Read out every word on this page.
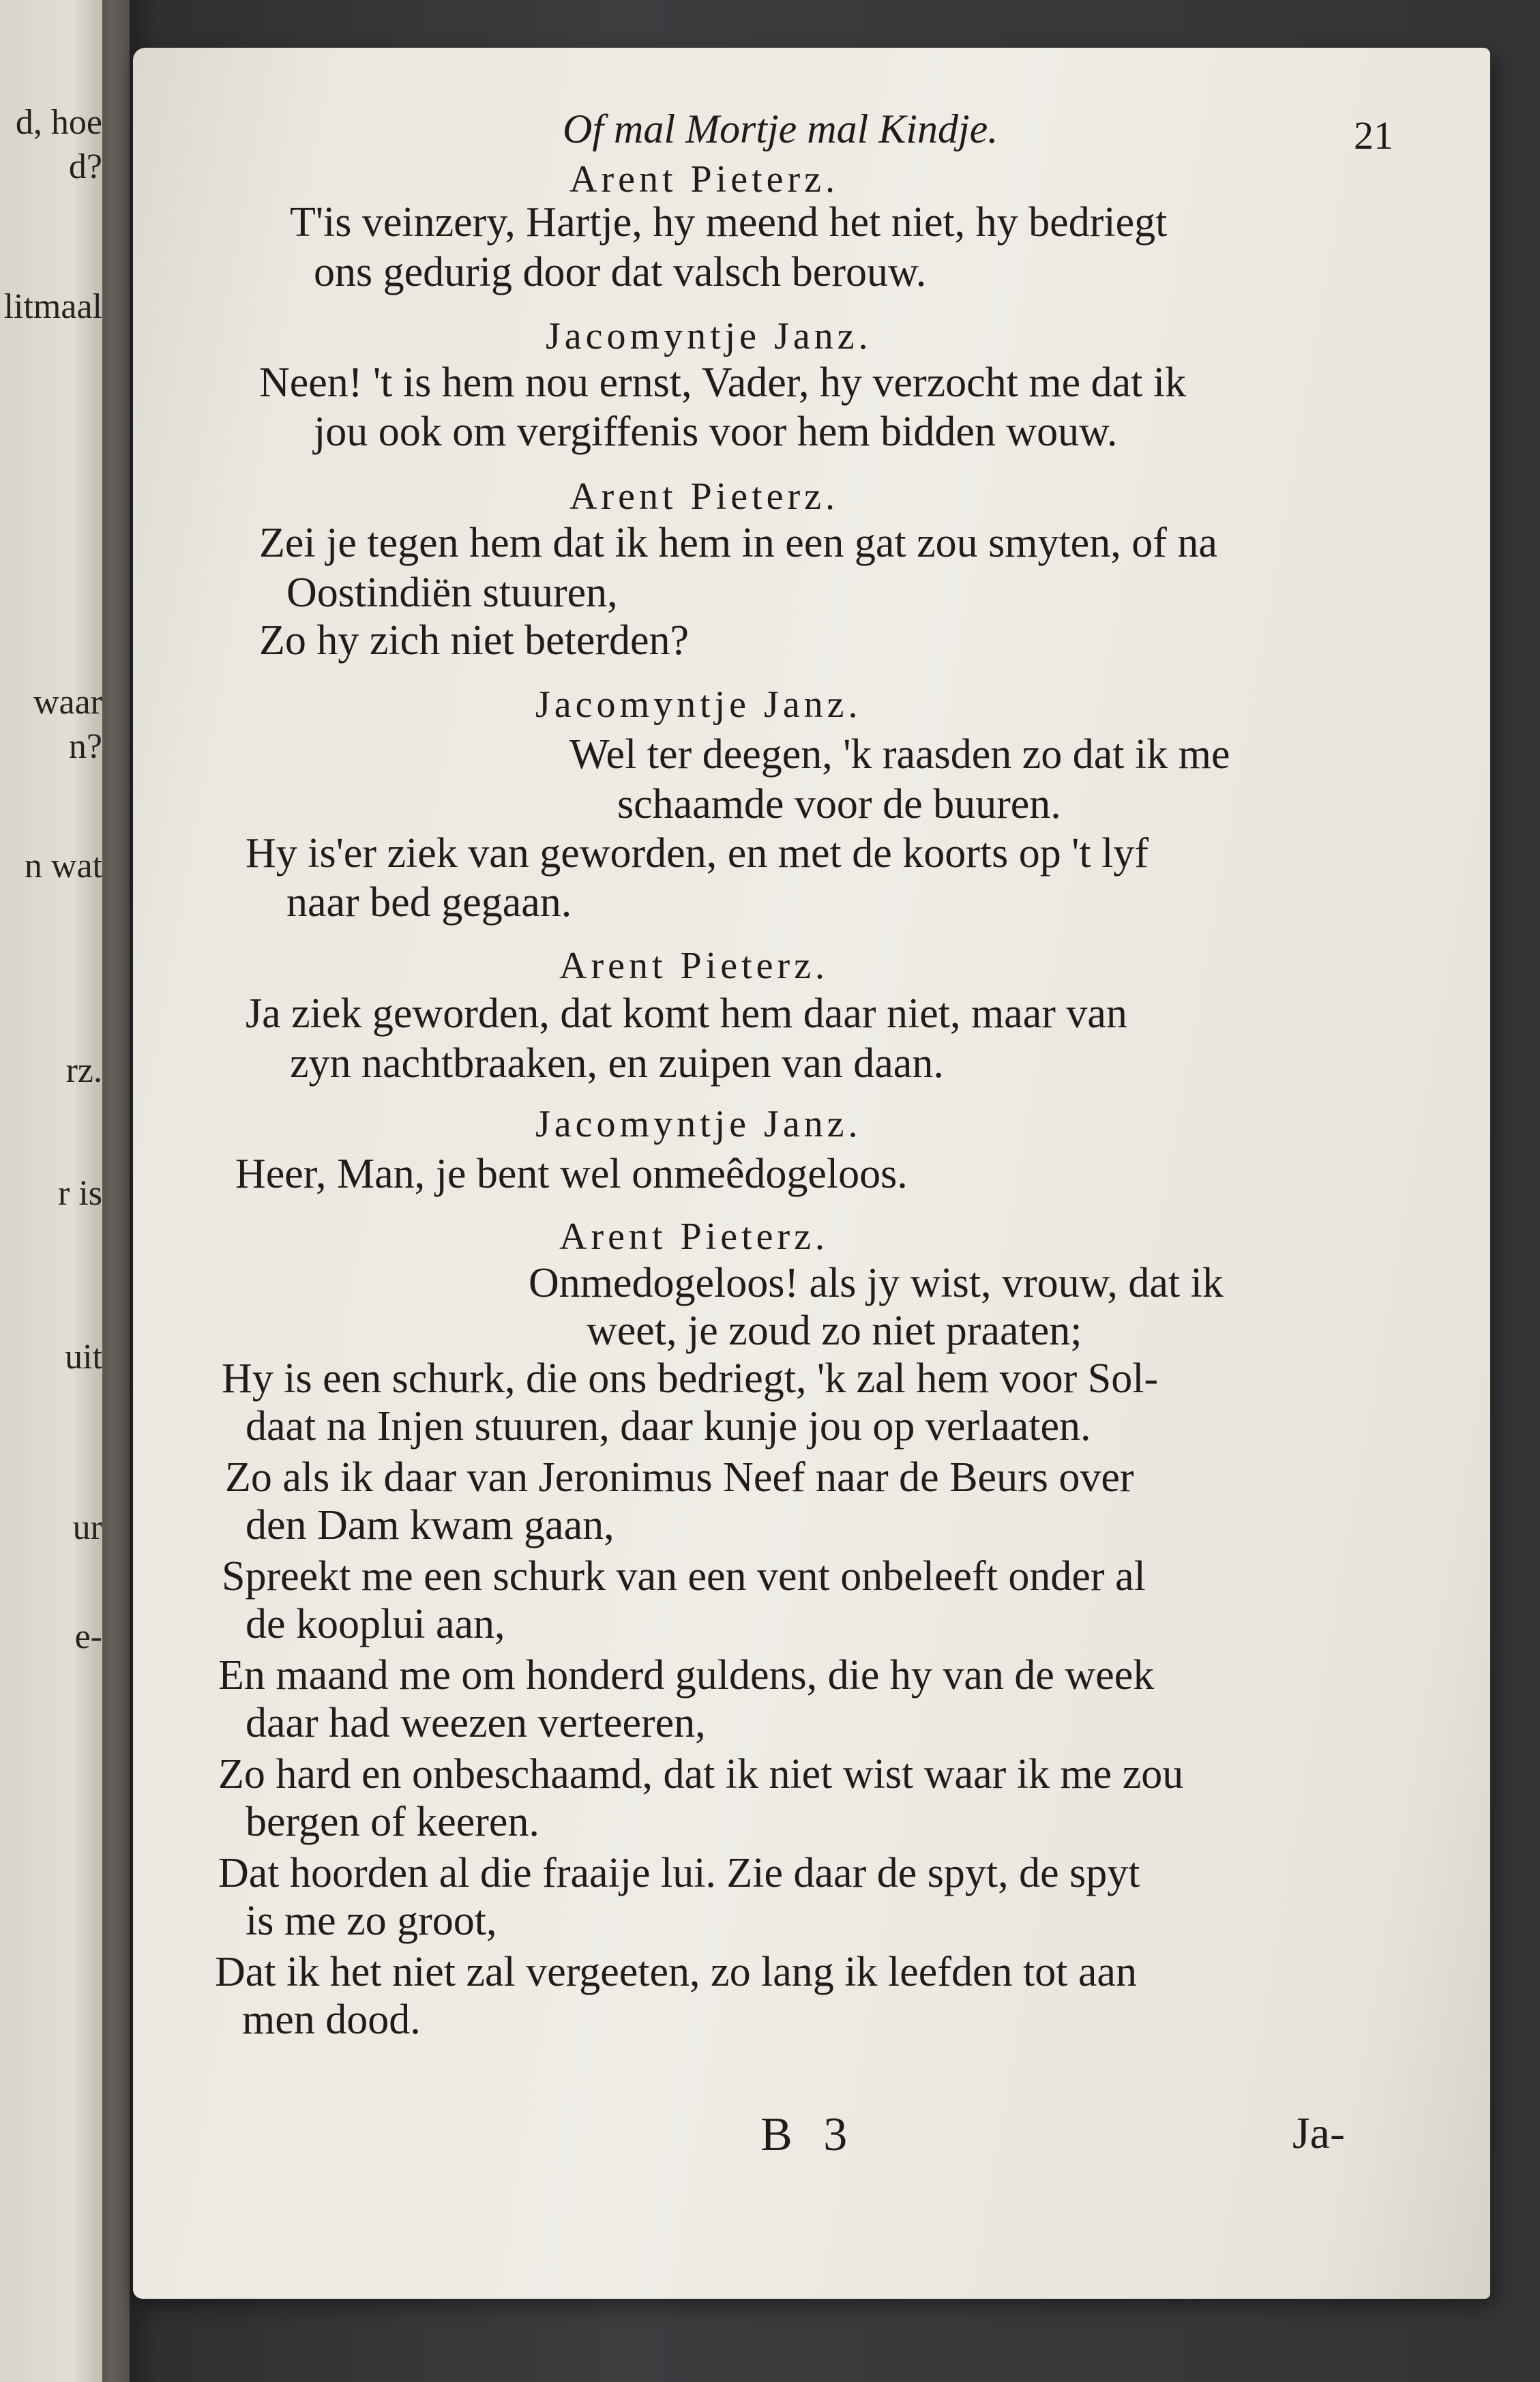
d, hoe
d?
litmaal
waar
n?
n wat
rz.
r is
uit
ur
e-
Of mal Mortje mal Kindje.	21
Arent Pieterz.
T'is veinzery, Hartje, hy meend het niet, hy bedriegt
ons gedurig door dat valsch berouw.
Jacomyntje Janz.
Neen! 't is hem nou ernst, Vader, hy verzocht me dat ik
jou ook om vergiffenis voor hem bidden wouw.
Arent Pieterz.
Zei je tegen hem dat ik hem in een gat zou smyten, of na
Oostindiën stuuren,
Zo hy zich niet beterden?
Jacomyntje Janz.
Wel ter deegen, 'k raasden zo dat ik me
schaamde voor de buuren.
Hy is'er ziek van geworden, en met de koorts op 't lyf
naar bed gegaan.
Arent Pieterz.
Ja ziek geworden, dat komt hem daar niet, maar van
zyn nachtbraaken, en zuipen van daan.
Jacomyntje Janz.
Heer, Man, je bent wel onmeêdogeloos.
Arent Pieterz.
Onmedogeloos! als jy wist, vrouw, dat ik
weet, je zoud zo niet praaten;
Hy is een schurk, die ons bedriegt, 'k zal hem voor Sol-
daat na Injen stuuren, daar kunje jou op verlaaten.
Zo als ik daar van Jeronimus Neef naar de Beurs over
den Dam kwam gaan,
Spreekt me een schurk van een vent onbeleeft onder al
de kooplui aan,
En maand me om honderd guldens, die hy van de week
daar had weezen verteeren,
Zo hard en onbeschaamd, dat ik niet wist waar ik me zou
bergen of keeren.
Dat hoorden al die fraaije lui. Zie daar de spyt, de spyt
is me zo groot,
Dat ik het niet zal vergeeten, zo lang ik leefden tot aan
men dood.
B 3	Ja-
